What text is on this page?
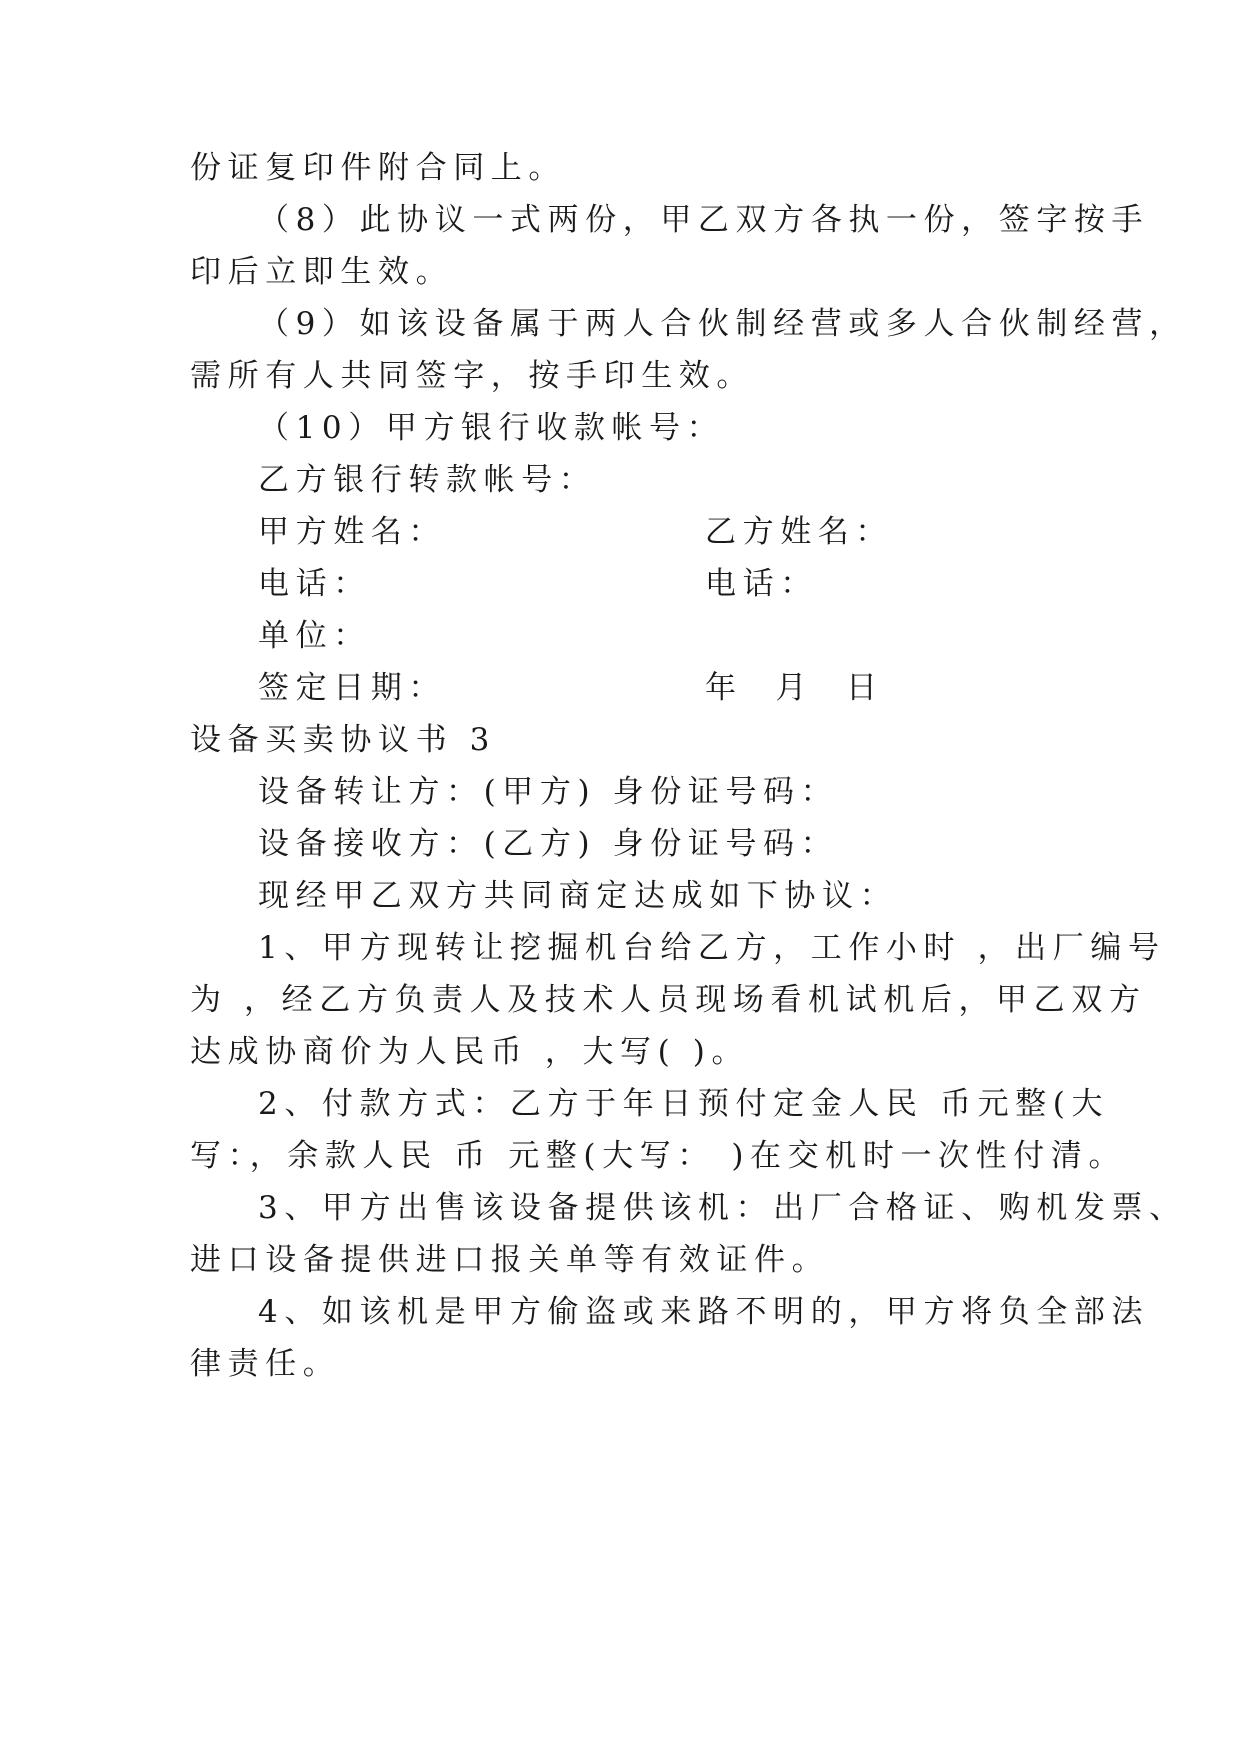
份证复印件附合同上。
（8）此协议一式两份，甲乙双方各执一份，签字按手
印后立即生效。
（9）如该设备属于两人合伙制经营或多人合伙制经营，
需所有人共同签字，按手印生效。
（10）甲方银行收款帐号：
乙方银行转款帐号：
甲方姓名：	乙方姓名：
电话：	电话：
单位：
签定日期：	年  月  日
设备买卖协议书 3
设备转让方：(甲方) 身份证号码：
设备接收方：(乙方) 身份证号码：
现经甲乙双方共同商定达成如下协议：
1、甲方现转让挖掘机台给乙方，工作小时 ，出厂编号
为 ，经乙方负责人及技术人员现场看机试机后，甲乙双方
达成协商价为人民币 ，大写( )。
2、付款方式：乙方于年日预付定金人民 币元整(大
写：，余款人民 币 元整(大写： )在交机时一次性付清。
3、甲方出售该设备提供该机：出厂合格证、购机发票、
进口设备提供进口报关单等有效证件。
4、如该机是甲方偷盗或来路不明的，甲方将负全部法
律责任。
